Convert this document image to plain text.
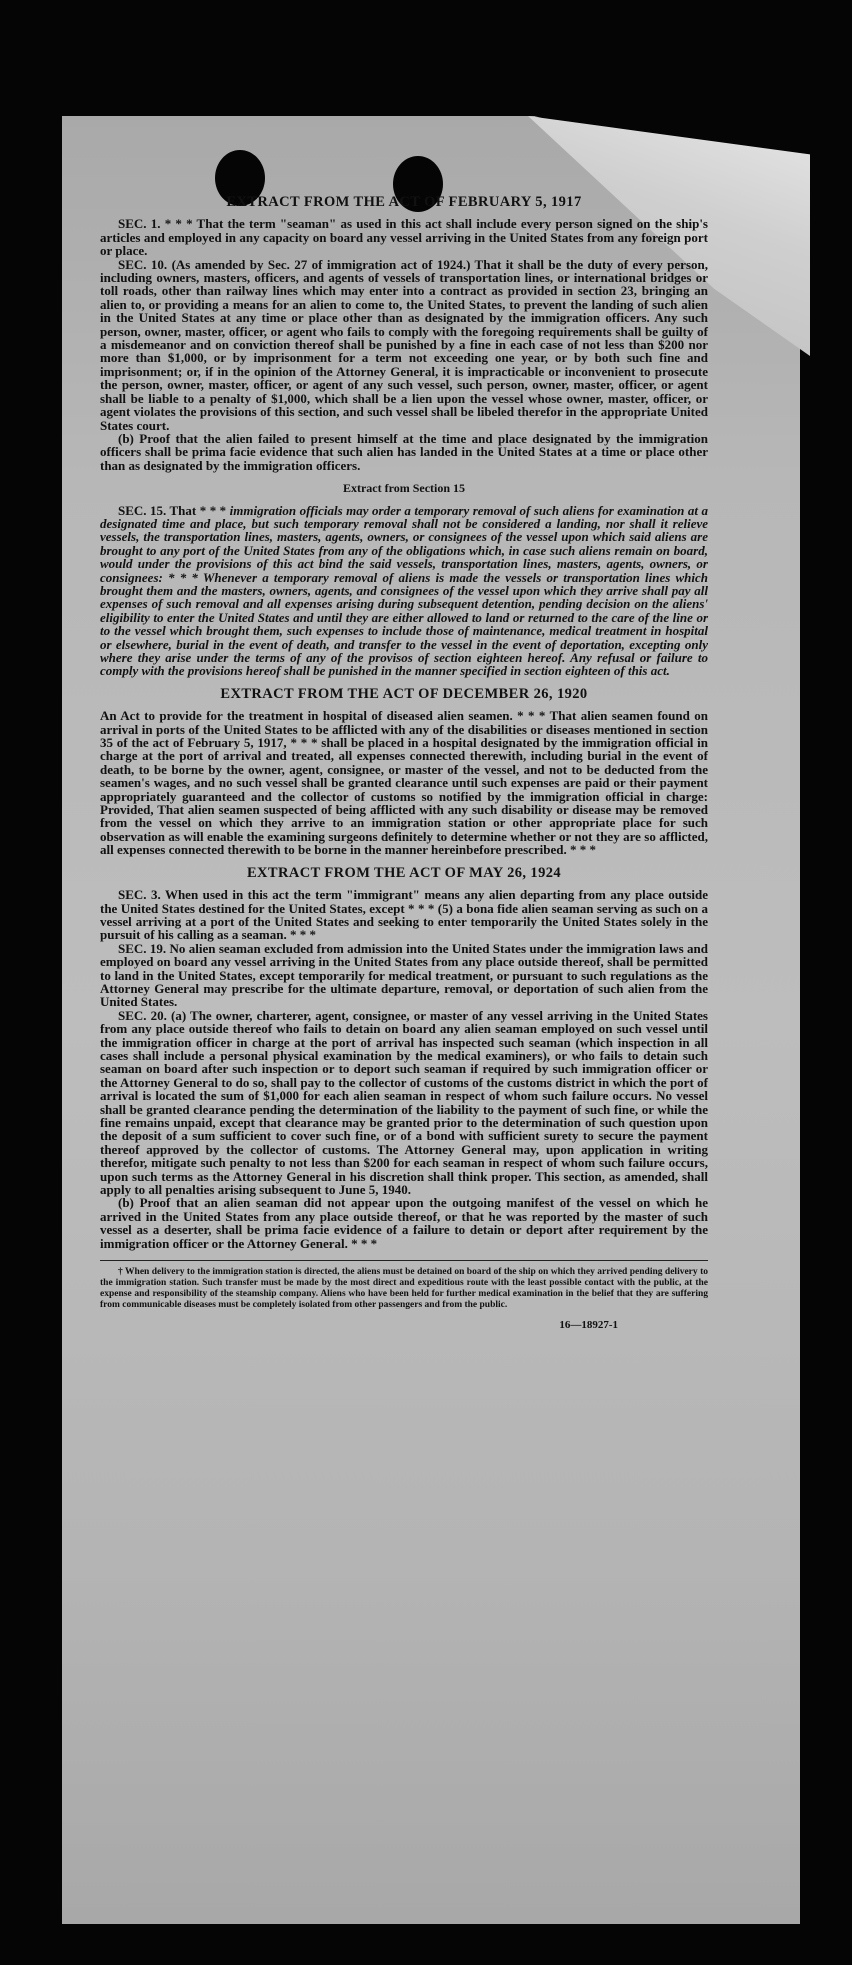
EXTRACT FROM THE ACT OF FEBRUARY 5, 1917

SEC. 1. * * * That the term "seaman" as used in this act shall include every person signed on the ship's articles and employed in any capacity on board any vessel arriving in the United States from any foreign port or place.

SEC. 10. (As amended by Sec. 27 of immigration act of 1924.) That it shall be the duty of every person, including owners, masters, officers, and agents of vessels of transportation lines, or international bridges or toll roads, other than railway lines which may enter into a contract as provided in section 23, bringing an alien to, or providing a means for an alien to come to, the United States, to prevent the landing of such alien in the United States at any time or place other than as designated by the immigration officers. Any such person, owner, master, officer, or agent who fails to comply with the foregoing requirements shall be guilty of a misdemeanor and on conviction thereof shall be punished by a fine in each case of not less than $200 nor more than $1,000, or by imprisonment for a term not exceeding one year, or by both such fine and imprisonment; or, if in the opinion of the Attorney General, it is impracticable or inconvenient to prosecute the person, owner, master, officer, or agent of any such vessel, such person, owner, master, officer, or agent shall be liable to a penalty of $1,000, which shall be a lien upon the vessel whose owner, master, officer, or agent violates the provisions of this section, and such vessel shall be libeled therefor in the appropriate United States court.

(b) Proof that the alien failed to present himself at the time and place designated by the immigration officers shall be prima facie evidence that such alien has landed in the United States at a time or place other than as designated by the immigration officers.

Extract from Section 15

SEC. 15. That * * * immigration officials may order a temporary removal of such aliens for examination at a designated time and place, but such temporary removal shall not be considered a landing, nor shall it relieve vessels, the transportation lines, masters, agents, owners, or consignees of the vessel upon which said aliens are brought to any port of the United States from any of the obligations which, in case such aliens remain on board, would under the provisions of this act bind the said vessels, transportation lines, masters, agents, owners, or consignees: * * * Whenever a temporary removal of aliens is made the vessels or transportation lines which brought them and the masters, owners, agents, and consignees of the vessel upon which they arrive shall pay all expenses of such removal and all expenses arising during subsequent detention, pending decision on the aliens' eligibility to enter the United States and until they are either allowed to land or returned to the care of the line or to the vessel which brought them, such expenses to include those of maintenance, medical treatment in hospital or elsewhere, burial in the event of death, and transfer to the vessel in the event of deportation, excepting only where they arise under the terms of any of the provisos of section eighteen hereof. Any refusal or failure to comply with the provisions hereof shall be punished in the manner specified in section eighteen of this act.

EXTRACT FROM THE ACT OF DECEMBER 26, 1920

An Act to provide for the treatment in hospital of diseased alien seamen. * * * That alien seamen found on arrival in ports of the United States to be afflicted with any of the disabilities or diseases mentioned in section 35 of the act of February 5, 1917, * * * shall be placed in a hospital designated by the immigration official in charge at the port of arrival and treated, all expenses connected therewith, including burial in the event of death, to be borne by the owner, agent, consignee, or master of the vessel, and not to be deducted from the seamen's wages, and no such vessel shall be granted clearance until such expenses are paid or their payment appropriately guaranteed and the collector of customs so notified by the immigration official in charge: Provided, That alien seamen suspected of being afflicted with any such disability or disease may be removed from the vessel on which they arrive to an immigration station or other appropriate place for such observation as will enable the examining surgeons definitely to determine whether or not they are so afflicted, all expenses connected therewith to be borne in the manner hereinbefore prescribed. * * *

EXTRACT FROM THE ACT OF MAY 26, 1924

SEC. 3. When used in this act the term "immigrant" means any alien departing from any place outside the United States destined for the United States, except * * * (5) a bona fide alien seaman serving as such on a vessel arriving at a port of the United States and seeking to enter temporarily the United States solely in the pursuit of his calling as a seaman. * * *

SEC. 19. No alien seaman excluded from admission into the United States under the immigration laws and employed on board any vessel arriving in the United States from any place outside thereof, shall be permitted to land in the United States, except temporarily for medical treatment, or pursuant to such regulations as the Attorney General may prescribe for the ultimate departure, removal, or deportation of such alien from the United States.

SEC. 20. (a) The owner, charterer, agent, consignee, or master of any vessel arriving in the United States from any place outside thereof who fails to detain on board any alien seaman employed on such vessel until the immigration officer in charge at the port of arrival has inspected such seaman (which inspection in all cases shall include a personal physical examination by the medical examiners), or who fails to detain such seaman on board after such inspection or to deport such seaman if required by such immigration officer or the Attorney General to do so, shall pay to the collector of customs of the customs district in which the port of arrival is located the sum of $1,000 for each alien seaman in respect of whom such failure occurs. No vessel shall be granted clearance pending the determination of the liability to the payment of such fine, or while the fine remains unpaid, except that clearance may be granted prior to the determination of such question upon the deposit of a sum sufficient to cover such fine, or of a bond with sufficient surety to secure the payment thereof approved by the collector of customs. The Attorney General may, upon application in writing therefor, mitigate such penalty to not less than $200 for each seaman in respect of whom such failure occurs, upon such terms as the Attorney General in his discretion shall think proper. This section, as amended, shall apply to all penalties arising subsequent to June 5, 1940.

(b) Proof that an alien seaman did not appear upon the outgoing manifest of the vessel on which he arrived in the United States from any place outside thereof, or that he was reported by the master of such vessel as a deserter, shall be prima facie evidence of a failure to detain or deport after requirement by the immigration officer or the Attorney General. * * *

† When delivery to the immigration station is directed, the aliens must be detained on board of the ship on which they arrived pending delivery to the immigration station. Such transfer must be made by the most direct and expeditious route with the least possible contact with the public, at the expense and responsibility of the steamship company. Aliens who have been held for further medical examination in the belief that they are suffering from communicable diseases must be completely isolated from other passengers and from the public.

16—18927-1
